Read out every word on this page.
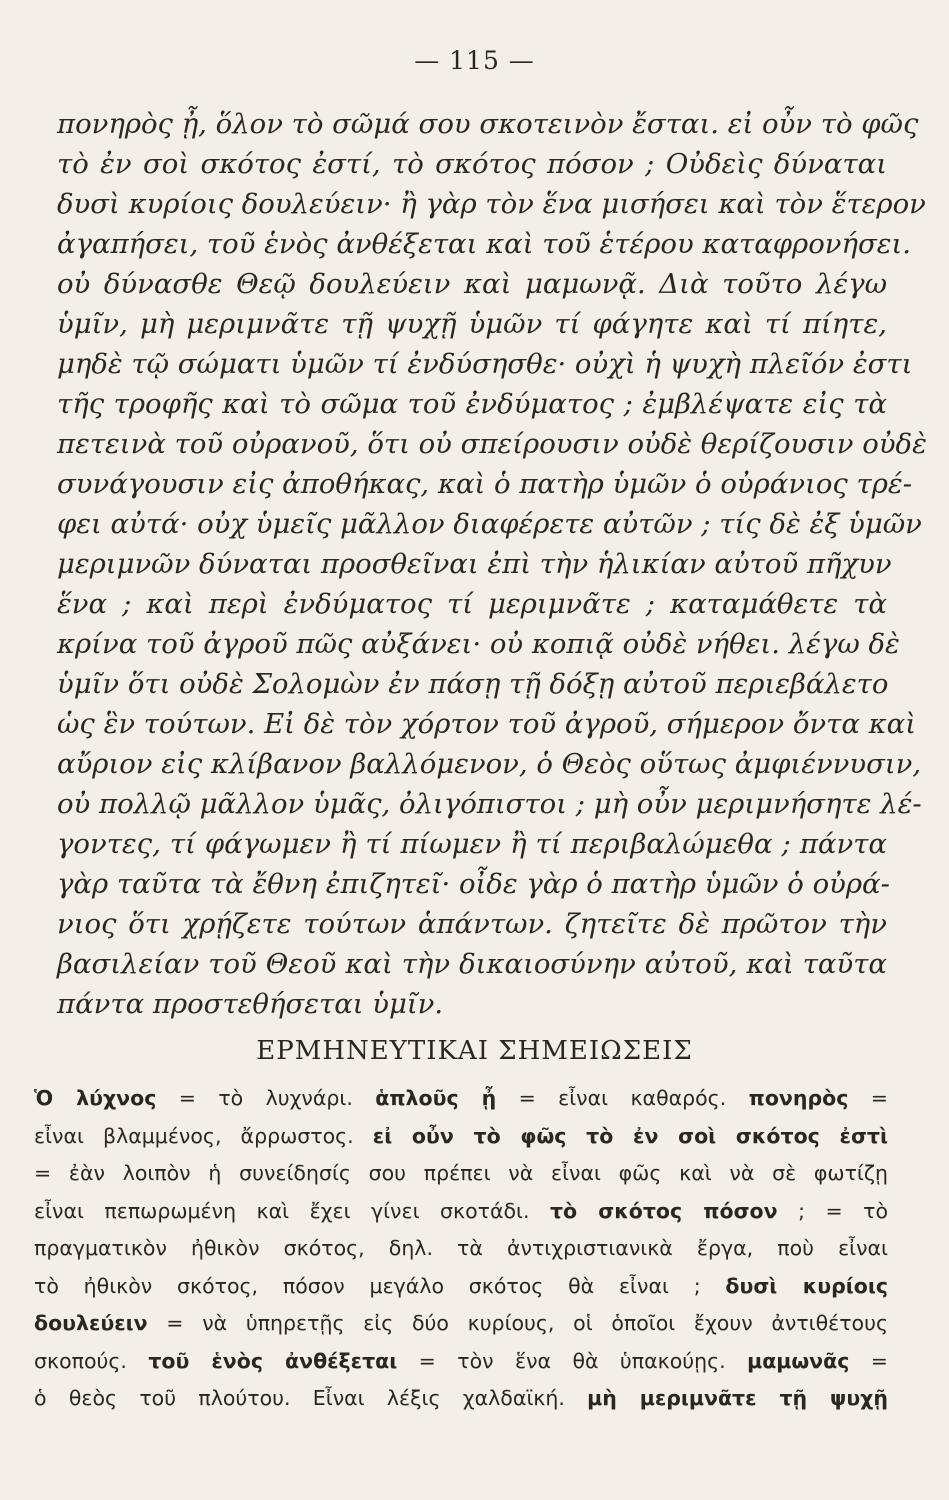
— 115 —
πονηρὸς ᾖ, ὅλον τὸ σῶμά σου σκοτεινὸν ἔσται. εἰ οὖν τὸ φῶς
τὸ ἐν σοὶ σκότος ἐστί, τὸ σκότος πόσον ; Οὐδεὶς δύναται
δυσὶ κυρίοις δουλεύειν· ἢ γὰρ τὸν ἕνα μισήσει καὶ τὸν ἕτερον
ἀγαπήσει, τοῦ ἑνὸς ἀνθέξεται καὶ τοῦ ἑτέρου καταφρονήσει.
οὐ δύνασθε Θεῷ δουλεύειν καὶ μαμωνᾷ. Διὰ τοῦτο λέγω
ὑμῖν, μὴ μεριμνᾶτε τῇ ψυχῇ ὑμῶν τί φάγητε καὶ τί πίητε,
μηδὲ τῷ σώματι ὑμῶν τί ἐνδύσησθε· οὐχὶ ἡ ψυχὴ πλεῖόν ἐστι
τῆς τροφῆς καὶ τὸ σῶμα τοῦ ἐνδύματος ; ἐμβλέψατε εἰς τὰ
πετεινὰ τοῦ οὐρανοῦ, ὅτι οὐ σπείρουσιν οὐδὲ θερίζουσιν οὐδὲ
συνάγουσιν εἰς ἀποθήκας, καὶ ὁ πατὴρ ὑμῶν ὁ οὐράνιος τρέ-
φει αὐτά· οὐχ ὑμεῖς μᾶλλον διαφέρετε αὐτῶν ; τίς δὲ ἐξ ὑμῶν
μεριμνῶν δύναται προσθεῖναι ἐπὶ τὴν ἡλικίαν αὐτοῦ πῆχυν
ἕνα ; καὶ περὶ ἐνδύματος τί μεριμνᾶτε ; καταμάθετε τὰ
κρίνα τοῦ ἀγροῦ πῶς αὐξάνει· οὐ κοπιᾷ οὐδὲ νήθει. λέγω δὲ
ὑμῖν ὅτι οὐδὲ Σολομὼν ἐν πάσῃ τῇ δόξῃ αὐτοῦ περιεβάλετο
ὡς ἓν τούτων. Εἰ δὲ τὸν χόρτον τοῦ ἀγροῦ, σήμερον ὄντα καὶ
αὔριον εἰς κλίβανον βαλλόμενον, ὁ Θεὸς οὕτως ἀμφιέννυσιν,
οὐ πολλῷ μᾶλλον ὑμᾶς, ὀλιγόπιστοι ; μὴ οὖν μεριμνήσητε λέ-
γοντες, τί φάγωμεν ἢ τί πίωμεν ἢ τί περιβαλώμεθα ; πάντα
γὰρ ταῦτα τὰ ἔθνη ἐπιζητεῖ· οἶδε γὰρ ὁ πατὴρ ὑμῶν ὁ οὐρά-
νιος ὅτι χρῄζετε τούτων ἁπάντων. ζητεῖτε δὲ πρῶτον τὴν
βασιλείαν τοῦ Θεοῦ καὶ τὴν δικαιοσύνην αὐτοῦ, καὶ ταῦτα
πάντα προστεθήσεται ὑμῖν.
ΕΡΜΗΝΕΥΤΙΚΑΙ ΣΗΜΕΙΩΣΕΙΣ
Ὁ λύχνος = τὸ λυχνάρι. ἁπλοῦς ᾖ = εἶναι καθαρός. πονηρὸς =
εἶναι βλαμμένος, ἄρρωστος. εἰ οὖν τὸ φῶς τὸ ἐν σοὶ σκότος ἐστὶ
= ἐὰν λοιπὸν ἡ συνείδησίς σου πρέπει νὰ εἶναι φῶς καὶ νὰ σὲ φωτίζῃ
εἶναι πεπωρωμένη καὶ ἔχει γίνει σκοτάδι. τὸ σκότος πόσον ; = τὸ
πραγματικὸν ἠθικὸν σκότος, δηλ. τὰ ἀντιχριστιανικὰ ἔργα, ποὺ εἶναι
τὸ ἠθικὸν σκότος, πόσον μεγάλο σκότος θὰ εἶναι ; δυσὶ κυρίοις
δουλεύειν = νὰ ὑπηρετῇς εἰς δύο κυρίους, οἱ ὁποῖοι ἔχουν ἀντιθέτους
σκοπούς. τοῦ ἑνὸς ἀνθέξεται = τὸν ἕνα θὰ ὑπακούῃς. μαμωνᾶς =
ὁ θεὸς τοῦ πλούτου. Εἶναι λέξις χαλδαϊκή. μὴ μεριμνᾶτε τῇ ψυχῇ
